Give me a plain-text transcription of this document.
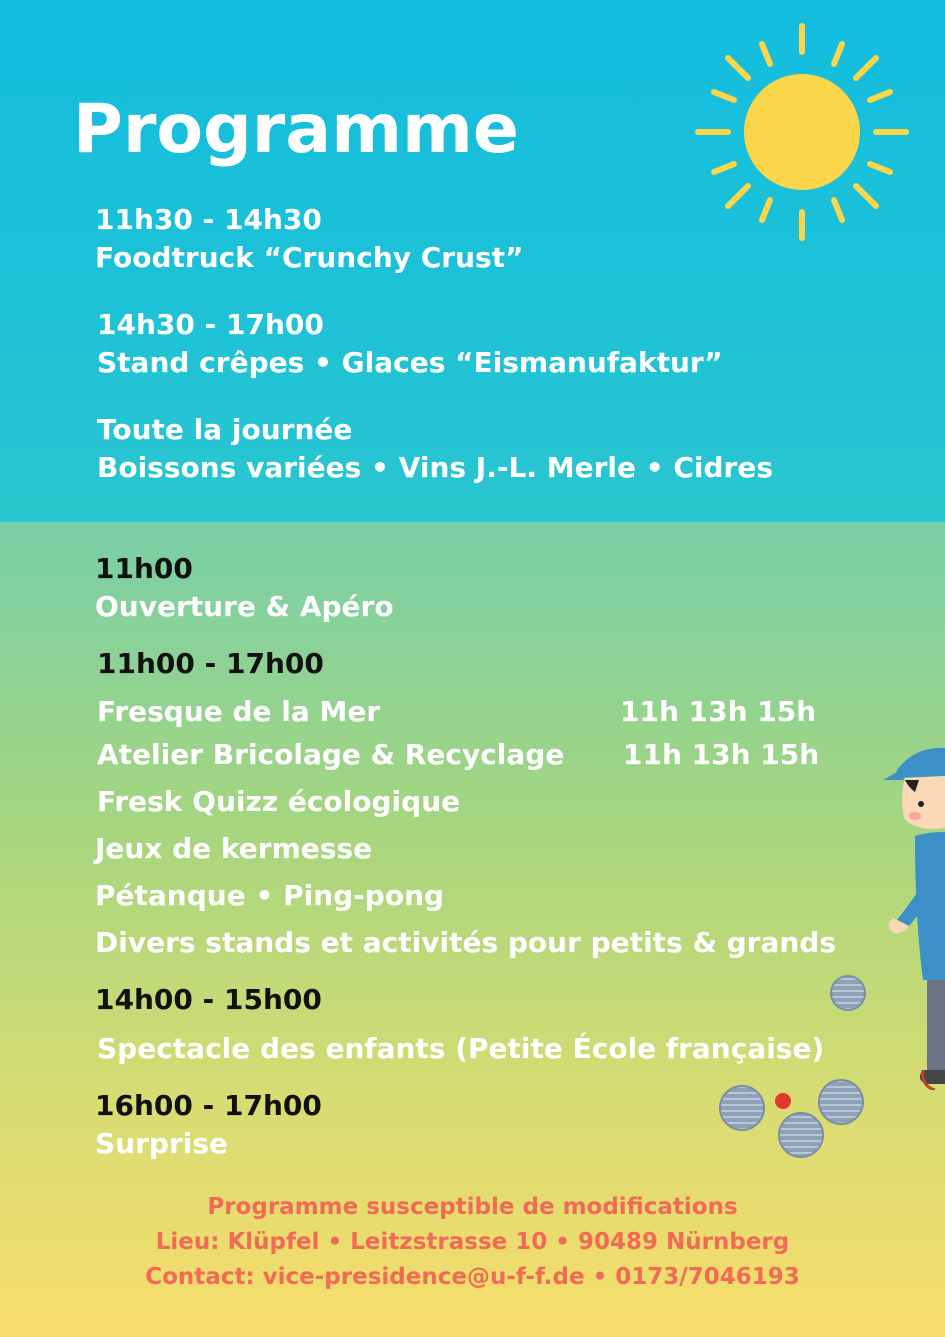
Programme
11h30 - 14h30
Foodtruck “Crunchy Crust”
14h30 - 17h00
Stand crêpes • Glaces “Eismanufaktur”
Toute la journée
Boissons variées • Vins J.-L. Merle • Cidres
11h00
Ouverture & Apéro
11h00 - 17h00
Fresque de la Mer	11h 13h 15h
Atelier Bricolage & Recyclage 11h 13h 15h
Fresk Quizz écologique
Jeux de kermesse
Pétanque • Ping-pong
Divers stands et activités pour petits & grands
14h00 - 15h00
Spectacle des enfants (Petite École française)
16h00 - 17h00
Surprise
Programme susceptible de modifications
Lieu: Klüpfel • Leitzstrasse 10 • 90489 Nürnberg
Contact: vice-presidence@u-f-f.de • 0173/7046193
